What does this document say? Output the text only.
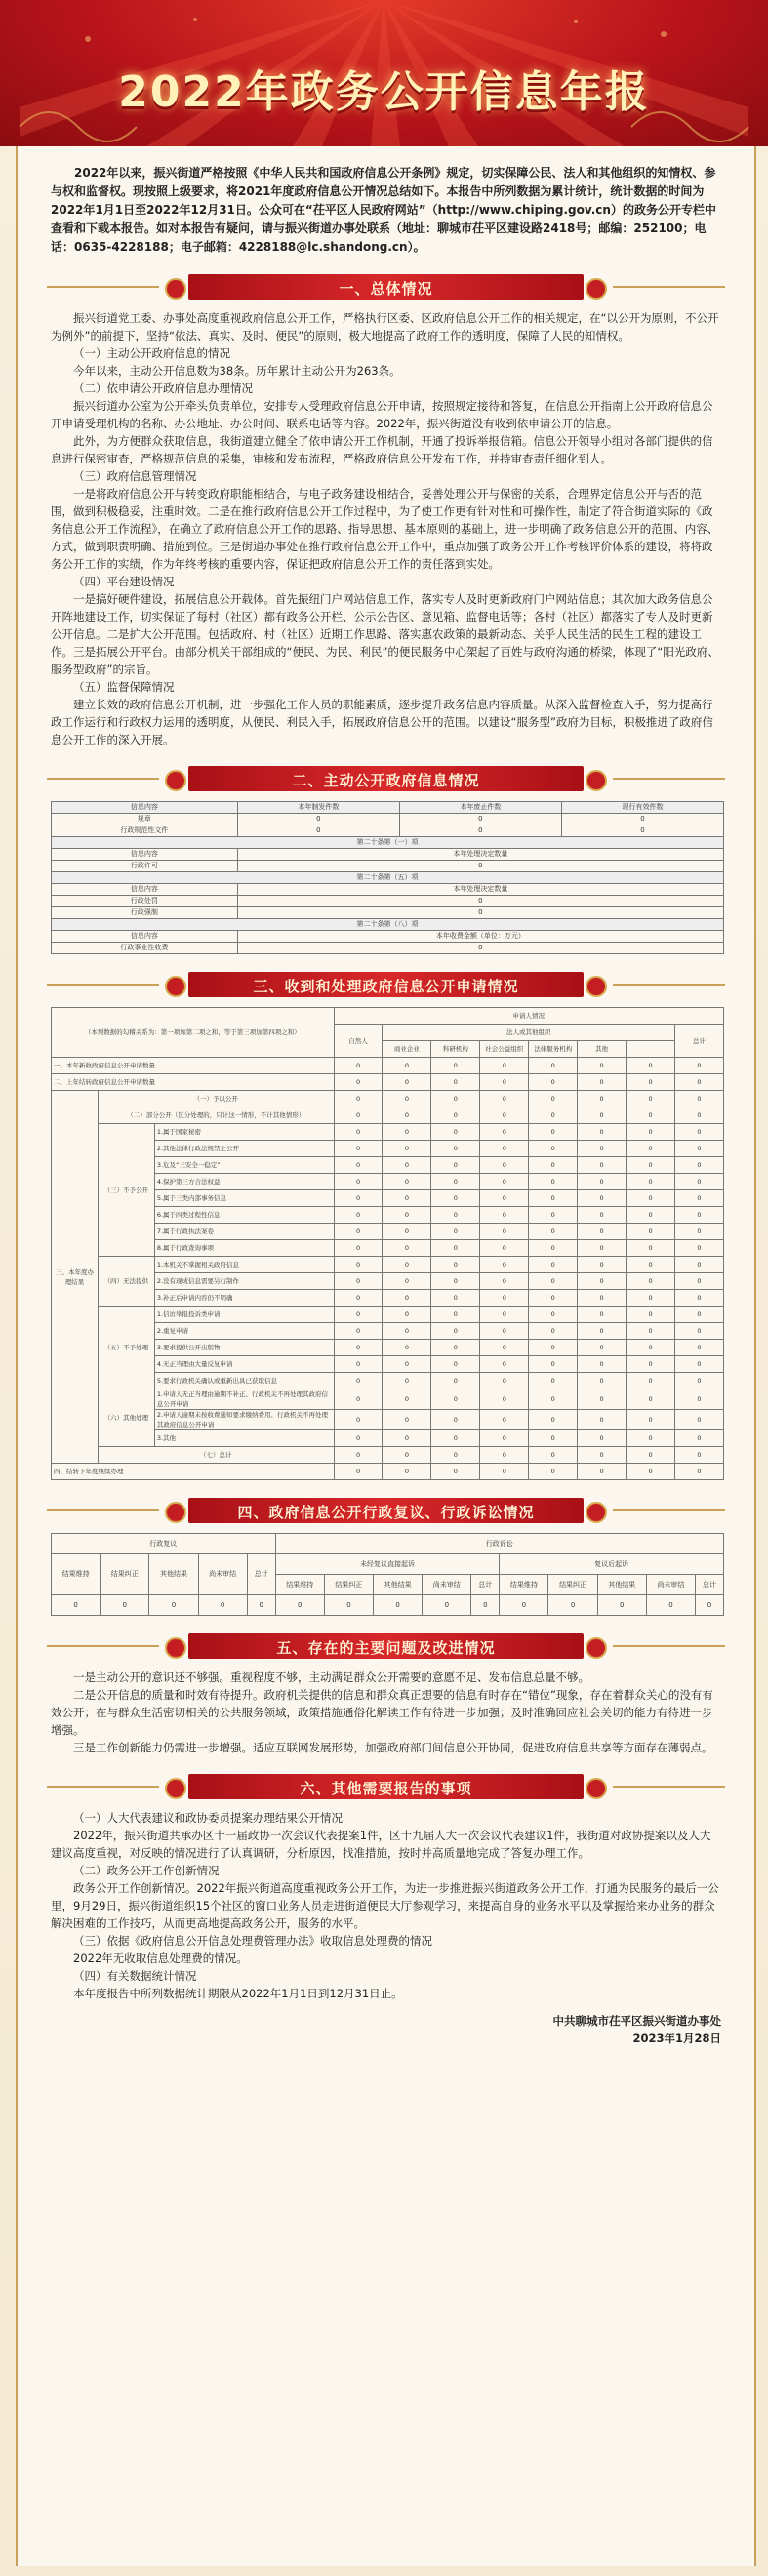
2022年政务公开信息年报

2022年以来，振兴街道严格按照《中华人民共和国政府信息公开条例》规定，切实保障公民、法人和其他组织的知情权、参与权和监督权。现按照上级要求，将2021年度政府信息公开情况总结如下。本报告中所列数据为累计统计，统计数据的时间为2022年1月1日至2022年12月31日。公众可在“茌平区人民政府网站”（http://www.chiping.gov.cn）的政务公开专栏中查看和下载本报告。如对本报告有疑问，请与振兴街道办事处联系（地址：聊城市茌平区建设路2418号；邮编：252100；电话：0635-4228188；电子邮箱：4228188@lc.shandong.cn）。

一、总体情况

振兴街道党工委、办事处高度重视政府信息公开工作，严格执行区委、区政府信息公开工作的相关规定，在“以公开为原则，不公开为例外”的前提下，坚持“依法、真实、及时、便民”的原则，极大地提高了政府工作的透明度，保障了人民的知情权。

（一）主动公开政府信息的情况

今年以来，主动公开信息数为38条。历年累计主动公开为263条。

（二）依申请公开政府信息办理情况

振兴街道办公室为公开牵头负责单位，安排专人受理政府信息公开申请，按照规定接待和答复，在信息公开指南上公开政府信息公开申请受理机构的名称、办公地址、办公时间、联系电话等内容。2022年，振兴街道没有收到依申请公开的信息。

此外，为方便群众获取信息，我街道建立健全了依申请公开工作机制，开通了投诉举报信箱。信息公开领导小组对各部门提供的信息进行保密审查，严格规范信息的采集，审核和发布流程，严格政府信息公开发布工作，并持审查责任细化到人。

（三）政府信息管理情况

一是将政府信息公开与转变政府职能相结合，与电子政务建设相结合，妥善处理公开与保密的关系，合理界定信息公开与否的范围，做到积极稳妥，注重时效。二是在推行政府信息公开工作过程中，为了使工作更有针对性和可操作性，制定了符合街道实际的《政务信息公开工作流程》，在确立了政府信息公开工作的思路、指导思想、基本原则的基础上，进一步明确了政务信息公开的范围、内容、方式，做到职责明确、措施到位。三是街道办事处在推行政府信息公开工作中，重点加强了政务公开工作考核评价体系的建设，将将政务公开工作的实绩，作为年终考核的重要内容，保证把政府信息公开工作的责任落到实处。

（四）平台建设情况

一是搞好硬件建设，拓展信息公开载体。首先振纽门户网站信息工作，落实专人及时更新政府门户网站信息；其次加大政务信息公开阵地建设工作，切实保证了每村（社区）都有政务公开栏、公示公告区、意见箱、监督电话等；各村（社区）都落实了专人及时更新公开信息。二是扩大公开范围。包括政府、村（社区）近期工作思路、落实惠农政策的最新动态、关乎人民生活的民生工程的建设工作。三是拓展公开平台。由部分机关干部组成的“便民、为民、利民”的便民服务中心架起了百姓与政府沟通的桥梁，体现了“阳光政府、服务型政府”的宗旨。

（五）监督保障情况

建立长效的政府信息公开机制，进一步强化工作人员的职能素质，逐步提升政务信息内容质量。从深入监督检查入手，努力提高行政工作运行和行政权力运用的透明度，从便民、利民入手，拓展政府信息公开的范围。以建设“服务型”政府为目标，积极推进了政府信息公开工作的深入开展。

二、主动公开政府信息情况
信息内容	本年制发件数	本年废止件数	现行有效件数
规章	0	0	0
行政规范性文件	0	0	0
第二十条第（一）项			
信息内容	本年处理决定数量		
行政许可	0		
第二十条第（五）项			
信息内容	本年处理决定数量		
行政处罚	0		
行政强制	0		
第二十条第（八）项			
信息内容	本年收费金额（单位：万元）		
行政事业性收费	0		
三、收到和处理政府信息公开申请情况
（本列数据的勾稽关系为：第一项加第二项之和，等于第三项加第四项之和）			申请人情况							
			自然人	法人或其他组织						总计
				商业企业	科研机构	社会公益组织	法律服务机构	其他	
一、本年新收政府信息公开申请数量			0	0	0	0	0	0	0	0
二、上年结转政府信息公开申请数量			0	0	0	0	0	0	0	0
三、本年度办理结果	（一）予以公开		0	0	0	0	0	0	0	0
	（二）部分公开（区分处理的，只计这一情形，不计其他情形）		0	0	0	0	0	0	0	0
	（三）不予公开	1.属于国家秘密	0	0	0	0	0	0	0	0
		2.其他法律行政法规禁止公开	0	0	0	0	0	0	0	0
		3.危及“三安全一稳定”	0	0	0	0	0	0	0	0
		4.保护第三方合法权益	0	0	0	0	0	0	0	0
		5.属于三类内部事务信息	0	0	0	0	0	0	0	0
		6.属于四类过程性信息	0	0	0	0	0	0	0	0
		7.属于行政执法案卷	0	0	0	0	0	0	0	0
		8.属于行政查询事项	0	0	0	0	0	0	0	0
	（四）无法提供	1.本机关不掌握相关政府信息	0	0	0	0	0	0	0	0
		2.没有现成信息需要另行制作	0	0	0	0	0	0	0	0
		3.补正后申请内容仍不明确	0	0	0	0	0	0	0	0
	（五）不予处理	1.信访举报投诉类申请	0	0	0	0	0	0	0	0
		2.重复申请	0	0	0	0	0	0	0	0
		3.要求提供公开出版物	0	0	0	0	0	0	0	0
		4.无正当理由大量反复申请	0	0	0	0	0	0	0	0
		5.要求行政机关确认或重新出具已获取信息	0	0	0	0	0	0	0	0
	（六）其他处理	1.申请人无正当理由逾期不补正、行政机关不再处理其政府信息公开申请	0	0	0	0	0	0	0	0
		2.申请人逾期未按收费通知要求缴纳费用、行政机关不再处理其政府信息公开申请	0	0	0	0	0	0	0	0
		3.其他	0	0	0	0	0	0	0	0
	（七）总计		0	0	0	0	0	0	0	0
四、结转下年度继续办理			0	0	0	0	0	0	0	0
四、政府信息公开行政复议、行政诉讼情况
行政复议					行政诉讼									
结果维持	结果纠正	其他结果	尚未审结	总计	未经复议直接起诉					复议后起诉				
					结果维持	结果纠正	其他结果	尚未审结	总计	结果维持	结果纠正	其他结果	尚未审结	总计
0	0	0	0	0	0	0	0	0	0	0	0	0	0	0
五、存在的主要问题及改进情况

一是主动公开的意识还不够强。重视程度不够，主动满足群众公开需要的意愿不足、发布信息总量不够。

二是公开信息的质量和时效有待提升。政府机关提供的信息和群众真正想要的信息有时存在“错位”现象，存在着群众关心的没有有效公开；在与群众生活密切相关的公共服务领域，政策措施通俗化解读工作有待进一步加强；及时准确回应社会关切的能力有待进一步增强。

三是工作创新能力仍需进一步增强。适应互联网发展形势，加强政府部门间信息公开协同，促进政府信息共享等方面存在薄弱点。

六、其他需要报告的事项

（一）人大代表建议和政协委员提案办理结果公开情况

2022年，振兴街道共承办区十一届政协一次会议代表提案1件，区十九届人大一次会议代表建议1件，我街道对政协提案以及人大建议高度重视，对反映的情况进行了认真调研，分析原因，找准措施，按时并高质量地完成了答复办理工作。

（二）政务公开工作创新情况

政务公开工作创新情况。2022年振兴街道高度重视政务公开工作，为进一步推进振兴街道政务公开工作，打通为民服务的最后一公里，9月29日，振兴街道组织15个社区的窗口业务人员走进街道便民大厅参观学习，来提高自身的业务水平以及掌握给来办业务的群众解决困难的工作技巧，从而更高地提高政务公开，服务的水平。

（三）依据《政府信息公开信息处理费管理办法》收取信息处理费的情况

2022年无收取信息处理费的情况。

（四）有关数据统计情况

本年度报告中所列数据统计期限从2022年1月1日到12月31日止。

中共聊城市茌平区振兴街道办事处
2023年1月28日
